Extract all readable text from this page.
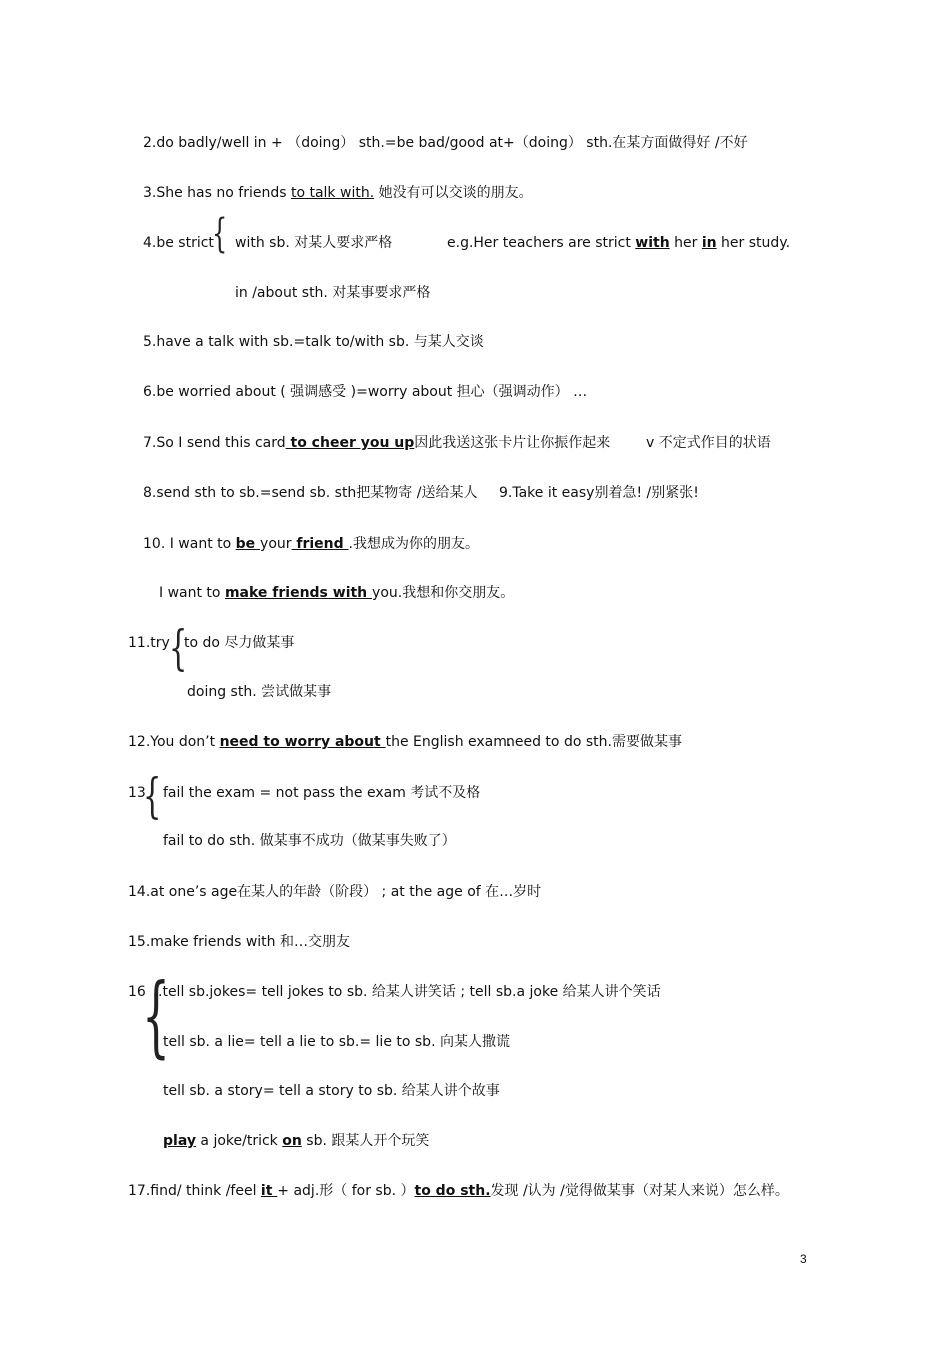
2.do badly/well in + （doing） sth.=be bad/good at+（doing） sth.在某方面做得好 /不好
3.She has no friends to talk with. 她没有可以交谈的朋友。
4.be strict
{ with sb. 对某人要求严格	e.g.Her teachers are strict with her in her study.
in /about sth. 对某事要求严格
5.have a talk with sb.=talk to/with sb. 与某人交谈
6.be worried about ( 强调感受 )=worry about 担心（强调动作） …
7.So I send this card to cheer you up因此我送这张卡片让你振作起来	v 不定式作目的状语
8.send sth to sb.=send sb. sth把某物寄 /送给某人 9.Take it easy别着急! /别紧张!
10. I want to be your friend .我想成为你的朋友。
I want to make friends with you.我想和你交朋友。
11.try {
to do 尽力做某事
doing sth. 尝试做某事
12.You don’t need to worry about the English exam.
need to do sth.需要做某事
13
{ fail the exam = not pass the exam 考试不及格
fail to do sth. 做某事不成功（做某事失败了）
14.at one’s age在某人的年龄（阶段） ; at the age of 在…岁时
15.make friends with 和…交朋友
16
{
.tell sb.jokes= tell jokes to sb. 给某人讲笑话 ; tell sb.a joke 给某人讲个笑话
tell sb. a lie= tell a lie to sb.= lie to sb. 向某人撒谎
tell sb. a story= tell a story to sb. 给某人讲个故事
play a joke/trick on sb. 跟某人开个玩笑
17.find/ think /feel it + adj.形（ for sb. ）to do sth.发现 /认为 /觉得做某事（对某人来说）怎么样。
3
